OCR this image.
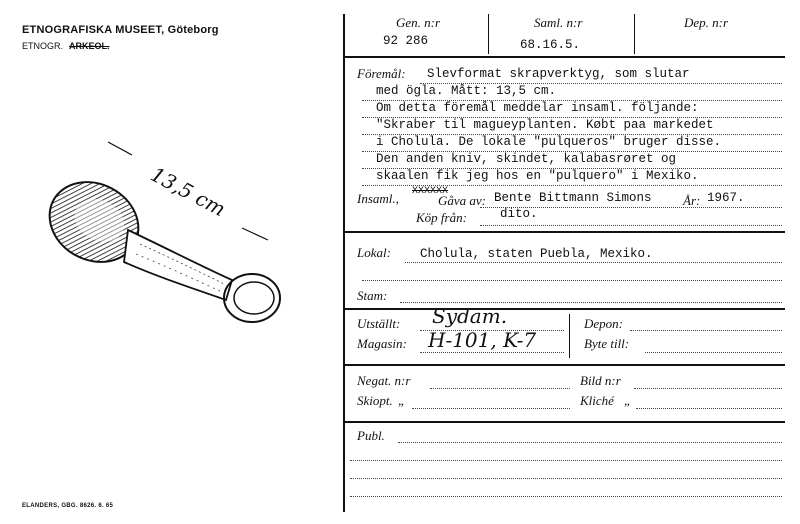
ETNOGRAFISKA MUSEET, Göteborg
ETNOGR. ARKEOL.
13,5 cm
ELANDERS, GBG. 8626. 6. 65
Gen. n:r
92 286
Saml. n:r
68.16.5.
Dep. n:r
Föremål: Slevformat skrapverktyg, som slutar
med ögla. Mått: 13,5 cm.
Om detta föremål meddelar insaml. följande:
"Skraber til magueyplanten. Købt paa markedet
i Cholula. De lokale "pulqueros" bruger disse.
Den anden kniv, skindet, kalabasrøret og
skaalen fik jeg hos en "pulquero" i Mexiko.
Insaml., XXXXXX
Gåva av: Bente Bittmann Simons År: 1967.
Köp från:	dito.
Lokal: Cholula, staten Puebla, Mexiko.
Stam:
Utställt: Sydam.
Magasin: H-101, K-7
Depon:
Byte till:
Negat. n:r	Bild n:r
Skiopt. „	Kliché „
Publ.
